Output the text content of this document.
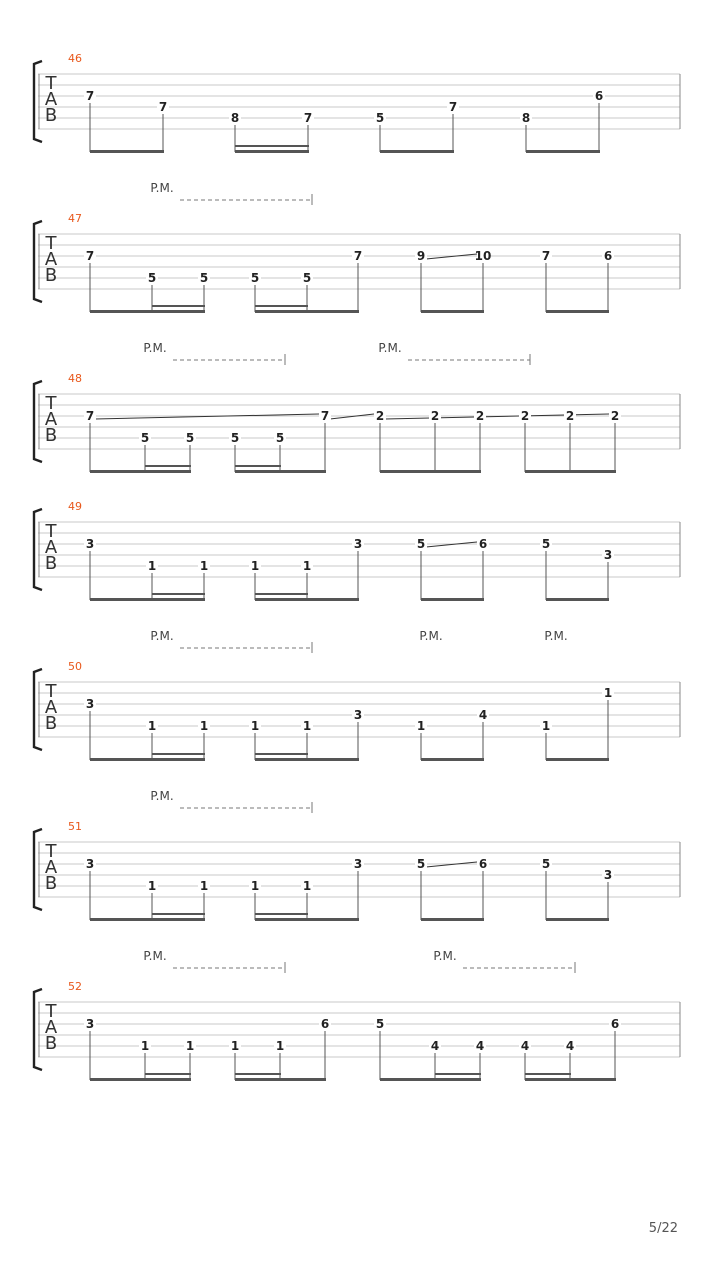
T
A
B
46
7
7
8	7	5
7
8
6
T
A
B
47
P.M.
7
5	5	5	5
7	9	10	7	6
T
A
B
48
P.M.	P.M.
7
5	5	5	5
7	2	2	2	2	2	2
T
A
B
49
3
1	1	1	1
3	5	6	5
3
T
A
B
50
P.M.	P.M.	P.M.
3
1	1	1	1
3
1
4
1
1
T
A
B
51
P.M.
3
1	1	1	1
3	5	6	5
3
T
A
B
52
P.M.	P.M.
3
1	1	1	1
6	5
4	4	4	4
6
5/22
